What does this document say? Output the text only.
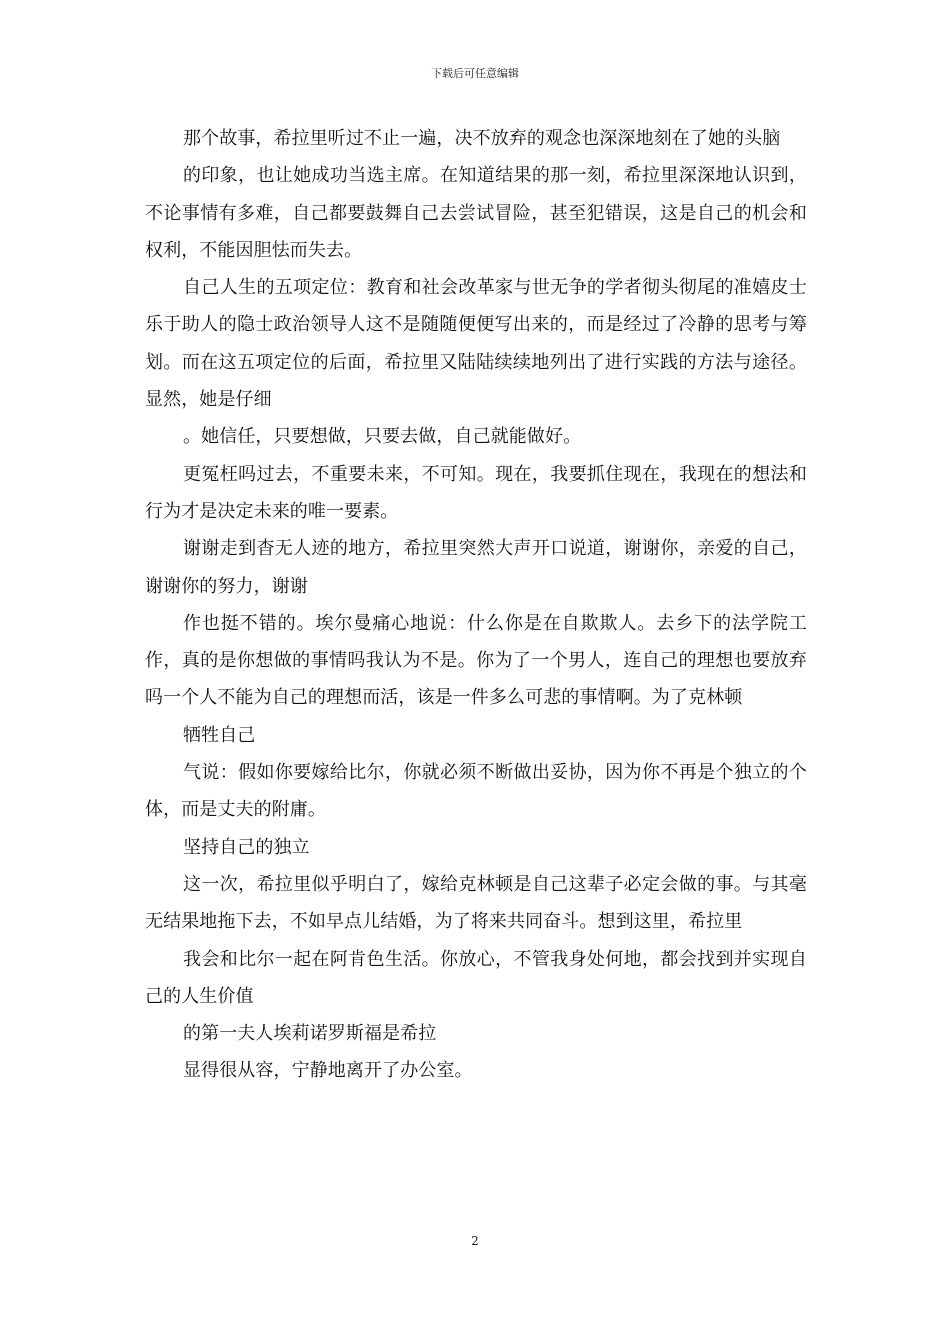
下载后可任意编辑

那个故事，希拉里听过不止一遍，决不放弃的观念也深深地刻在了她的头脑

的印象，也让她成功当选主席。在知道结果的那一刻，希拉里深深地认识到，不论事情有多难，自己都要鼓舞自己去尝试冒险，甚至犯错误，这是自己的机会和权利，不能因胆怯而失去。

自己人生的五项定位：教育和社会改革家与世无争的学者彻头彻尾的准嬉皮士乐于助人的隐士政治领导人这不是随随便便写出来的，而是经过了冷静的思考与筹划。而在这五项定位的后面，希拉里又陆陆续续地列出了进行实践的方法与途径。显然，她是仔细

。她信任，只要想做，只要去做，自己就能做好。

更冤枉吗过去，不重要未来，不可知。现在，我要抓住现在，我现在的想法和行为才是决定未来的唯一要素。

谢谢走到杳无人迹的地方，希拉里突然大声开口说道，谢谢你，亲爱的自己，谢谢你的努力，谢谢

作也挺不错的。埃尔曼痛心地说：什么你是在自欺欺人。去乡下的法学院工作，真的是你想做的事情吗我认为不是。你为了一个男人，连自己的理想也要放弃吗一个人不能为自己的理想而活，该是一件多么可悲的事情啊。为了克林顿

牺牲自己

气说：假如你要嫁给比尔，你就必须不断做出妥协，因为你不再是个独立的个体，而是丈夫的附庸。

坚持自己的独立

这一次，希拉里似乎明白了，嫁给克林顿是自己这辈子必定会做的事。与其毫无结果地拖下去，不如早点儿结婚，为了将来共同奋斗。想到这里，希拉里

我会和比尔一起在阿肯色生活。你放心，不管我身处何地，都会找到并实现自己的人生价值

的第一夫人埃莉诺罗斯福是希拉

显得很从容，宁静地离开了办公室。

2
